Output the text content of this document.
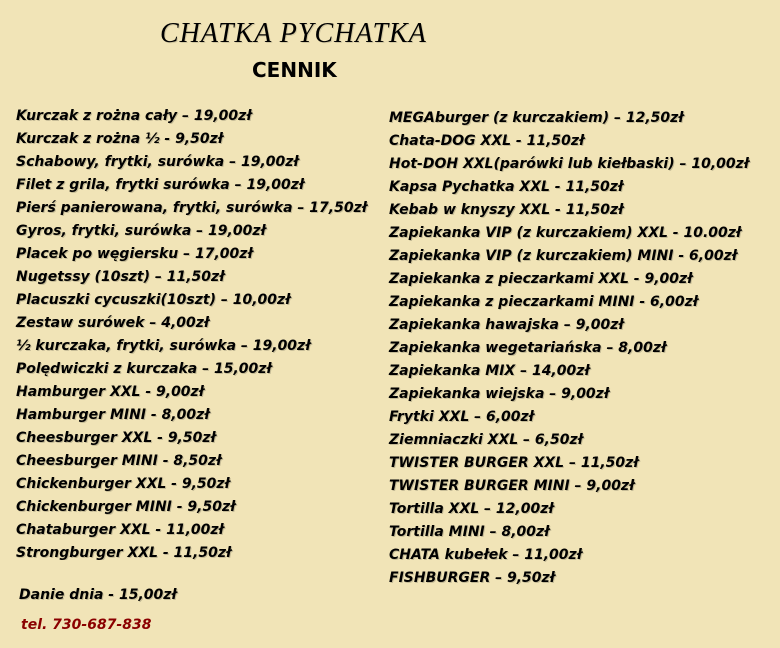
CHATKA PYCHATKA
CENNIK
Kurczak z rożna cały – 19,00zł
Kurczak z rożna ½ - 9,50zł
Schabowy, frytki, surówka – 19,00zł
Filet z grila, frytki surówka – 19,00zł
Pierś panierowana, frytki, surówka – 17,50zł
Gyros, frytki, surówka – 19,00zł
Placek po węgiersku – 17,00zł
Nugetssy (10szt) – 11,50zł
Placuszki cycuszki(10szt) – 10,00zł
Zestaw surówek – 4,00zł
½ kurczaka, frytki, surówka – 19,00zł
Polędwiczki z kurczaka – 15,00zł
Hamburger XXL - 9,00zł
Hamburger MINI - 8,00zł
Cheesburger XXL - 9,50zł
Cheesburger MINI - 8,50zł
Chickenburger XXL - 9,50zł
Chickenburger MINI - 9,50zł
Chataburger XXL - 11,00zł
Strongburger XXL - 11,50zł
MEGAburger (z kurczakiem) – 12,50zł
Chata-DOG XXL - 11,50zł
Hot-DOH XXL(parówki lub kiełbaski) – 10,00zł
Kapsa Pychatka XXL - 11,50zł
Kebab w knyszy XXL - 11,50zł
Zapiekanka VIP (z kurczakiem) XXL - 10.00zł
Zapiekanka VIP (z kurczakiem) MINI - 6,00zł
Zapiekanka z pieczarkami XXL - 9,00zł
Zapiekanka z pieczarkami MINI - 6,00zł
Zapiekanka hawajska – 9,00zł
Zapiekanka wegetariańska – 8,00zł
Zapiekanka MIX – 14,00zł
Zapiekanka wiejska – 9,00zł
Frytki XXL – 6,00zł
Ziemniaczki XXL – 6,50zł
TWISTER BURGER XXL – 11,50zł
TWISTER BURGER MINI – 9,00zł
Tortilla XXL – 12,00zł
Tortilla MINI – 8,00zł
CHATA kubełek – 11,00zł
FISHBURGER – 9,50zł
Danie dnia - 15,00zł
tel. 730-687-838
